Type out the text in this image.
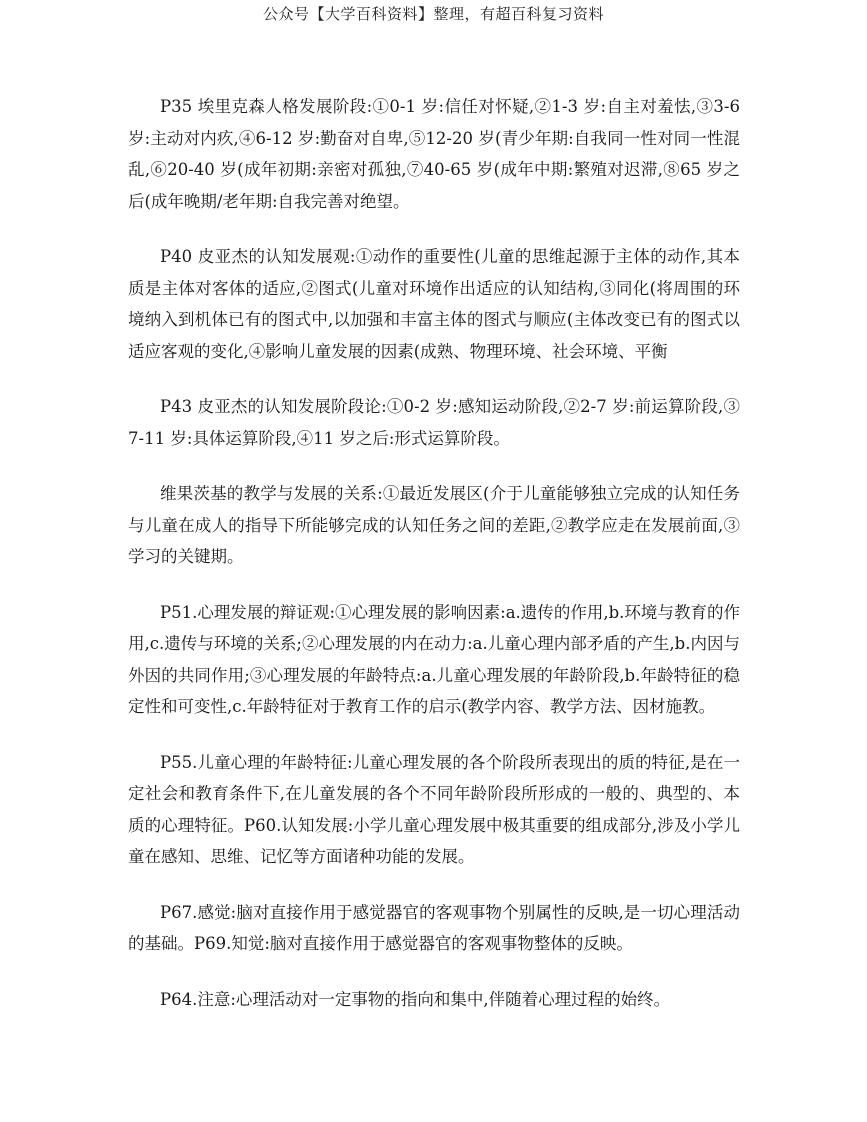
公众号【大学百科资料】整理，有超百科复习资料

P35 埃里克森人格发展阶段:①0-1 岁:信任对怀疑,②1-3 岁:自主对羞怯,③3-6 岁:主动对内疚,④6-12 岁:勤奋对自卑,⑤12-20 岁(青少年期:自我同一性对同一性混乱,⑥20-40 岁(成年初期:亲密对孤独,⑦40-65 岁(成年中期:繁殖对迟滞,⑧65 岁之后(成年晚期/老年期:自我完善对绝望。

P40 皮亚杰的认知发展观:①动作的重要性(儿童的思维起源于主体的动作,其本质是主体对客体的适应,②图式(儿童对环境作出适应的认知结构,③同化(将周围的环境纳入到机体已有的图式中,以加强和丰富主体的图式与顺应(主体改变已有的图式以适应客观的变化,④影响儿童发展的因素(成熟、物理环境、社会环境、平衡

P43 皮亚杰的认知发展阶段论:①0-2 岁:感知运动阶段,②2-7 岁:前运算阶段,③7-11 岁:具体运算阶段,④11 岁之后:形式运算阶段。

维果茨基的教学与发展的关系:①最近发展区(介于儿童能够独立完成的认知任务与儿童在成人的指导下所能够完成的认知任务之间的差距,②教学应走在发展前面,③学习的关键期。

P51.心理发展的辩证观:①心理发展的影响因素:a.遗传的作用,b.环境与教育的作用,c.遗传与环境的关系;②心理发展的内在动力:a.儿童心理内部矛盾的产生,b.内因与外因的共同作用;③心理发展的年龄特点:a.儿童心理发展的年龄阶段,b.年龄特征的稳定性和可变性,c.年龄特征对于教育工作的启示(教学内容、教学方法、因材施教。

P55.儿童心理的年龄特征:儿童心理发展的各个阶段所表现出的质的特征,是在一定社会和教育条件下,在儿童发展的各个不同年龄阶段所形成的一般的、典型的、本质的心理特征。P60.认知发展:小学儿童心理发展中极其重要的组成部分,涉及小学儿童在感知、思维、记忆等方面诸种功能的发展。

P67.感觉:脑对直接作用于感觉器官的客观事物个别属性的反映,是一切心理活动的基础。P69.知觉:脑对直接作用于感觉器官的客观事物整体的反映。

P64.注意:心理活动对一定事物的指向和集中,伴随着心理过程的始终。
